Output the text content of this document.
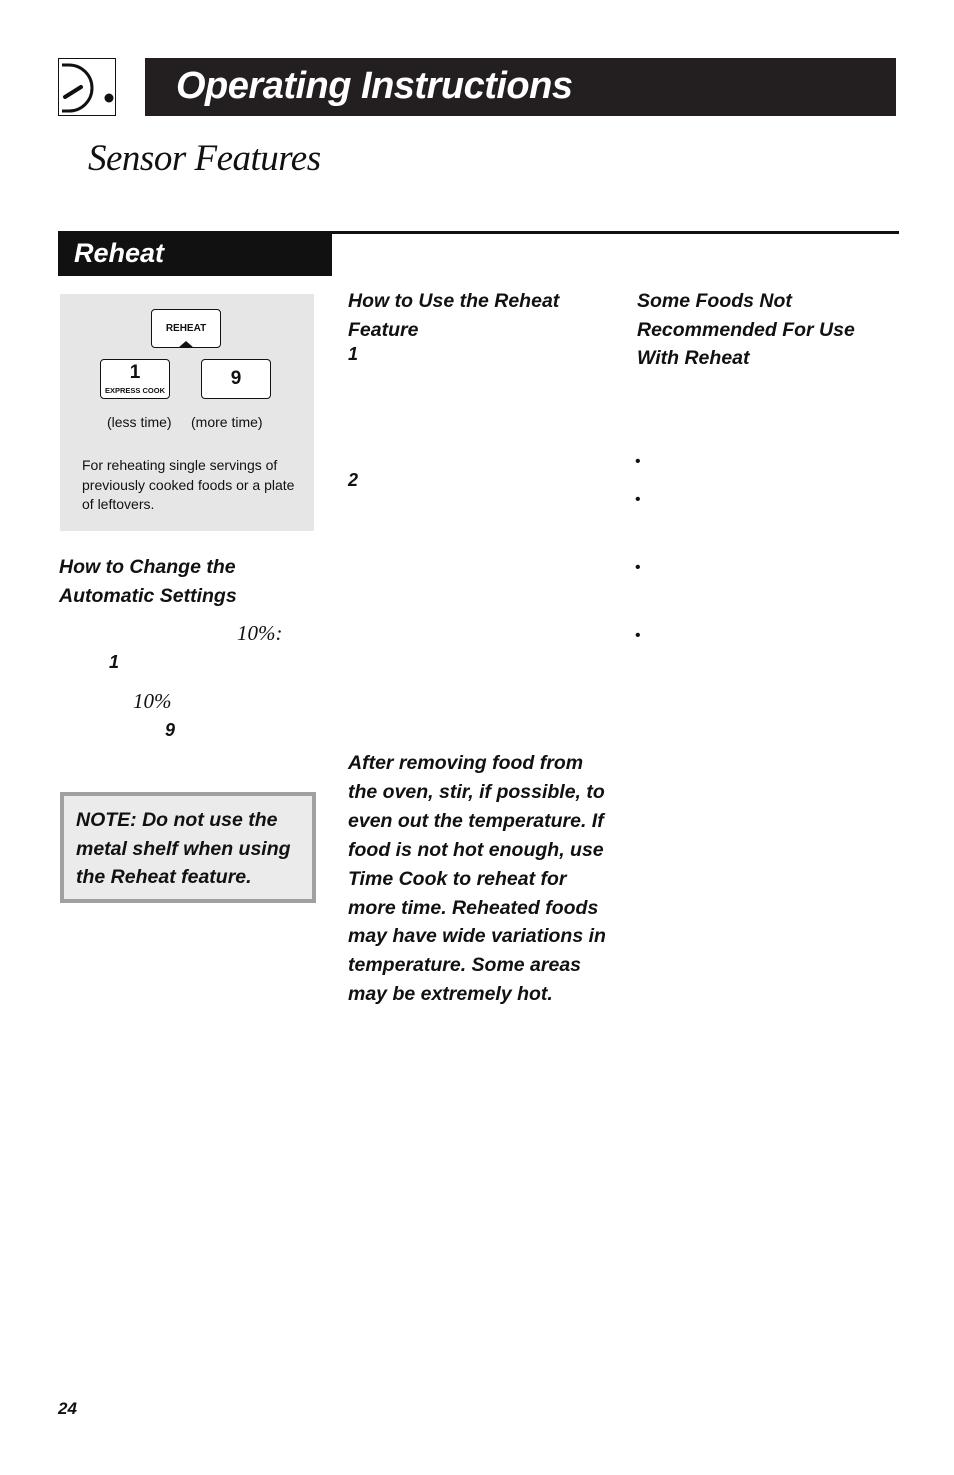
Operating Instructions
Sensor Features
Reheat
REHEAT
1
EXPRESS COOK
9
(less time) (more time)
For reheating single servings of previously cooked foods or a plate of leftovers.
How to Change the Automatic Settings
10%:
1
10%
9
NOTE: Do not use the metal shelf when using the Reheat feature.
How to Use the Reheat Feature
1
2
After removing food from the oven, stir, if possible, to even out the temperature. If food is not hot enough, use Time Cook to reheat for more time. Reheated foods may have wide variations in temperature. Some areas may be extremely hot.
Some Foods Not Recommended For Use With Reheat
•
•
•
•
24
